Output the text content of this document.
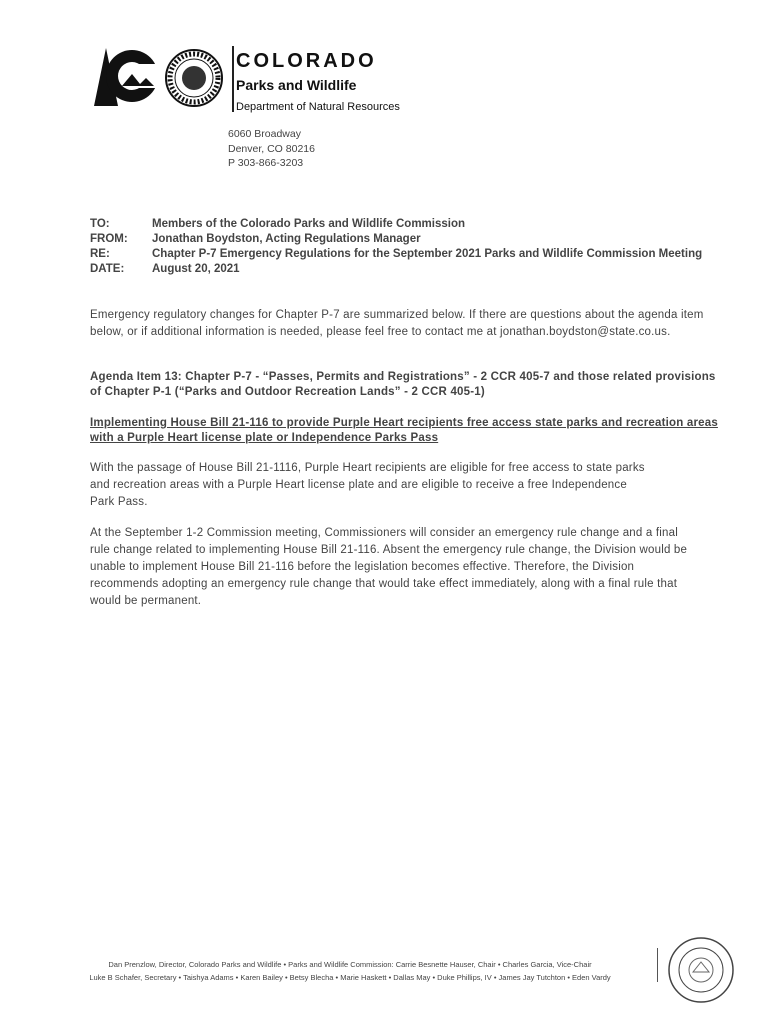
COLORADO
Parks and Wildlife
Department of Natural Resources
6060 Broadway
Denver, CO 80216
P 303-866-3203
TO:	Members of the Colorado Parks and Wildlife Commission
FROM:	Jonathan Boydston, Acting Regulations Manager
RE:	Chapter P-7 Emergency Regulations for the September 2021 Parks and Wildlife Commission Meeting
DATE:	August 20, 2021
Emergency regulatory changes for Chapter P-7 are summarized below. If there are questions about the agenda item below, or if additional information is needed, please feel free to contact me at jonathan.boydston@state.co.us.
Agenda Item 13: Chapter P-7 - “Passes, Permits and Registrations” - 2 CCR 405-7 and those related provisions of Chapter P-1 (“Parks and Outdoor Recreation Lands” - 2 CCR 405-1)
Implementing House Bill 21-116 to provide Purple Heart recipients free access state parks and recreation areas with a Purple Heart license plate or Independence Parks Pass
With the passage of House Bill 21-1116, Purple Heart recipients are eligible for free access to state parks and recreation areas with a Purple Heart license plate and are eligible to receive a free Independence Park Pass.
At the September 1-2 Commission meeting, Commissioners will consider an emergency rule change and a final rule change related to implementing House Bill 21-116. Absent the emergency rule change, the Division would be unable to implement House Bill 21-116 before the legislation becomes effective. Therefore, the Division recommends adopting an emergency rule change that would take effect immediately, along with a final rule that would be permanent.
Dan Prenzlow, Director, Colorado Parks and Wildlife • Parks and Wildlife Commission: Carrie Besnette Hauser, Chair • Charles Garcia, Vice-Chair
Luke B Schafer, Secretary • Taishya Adams • Karen Bailey • Betsy Blecha • Marie Haskett • Dallas May • Duke Phillips, IV • James Jay Tutchton • Eden Vardy
